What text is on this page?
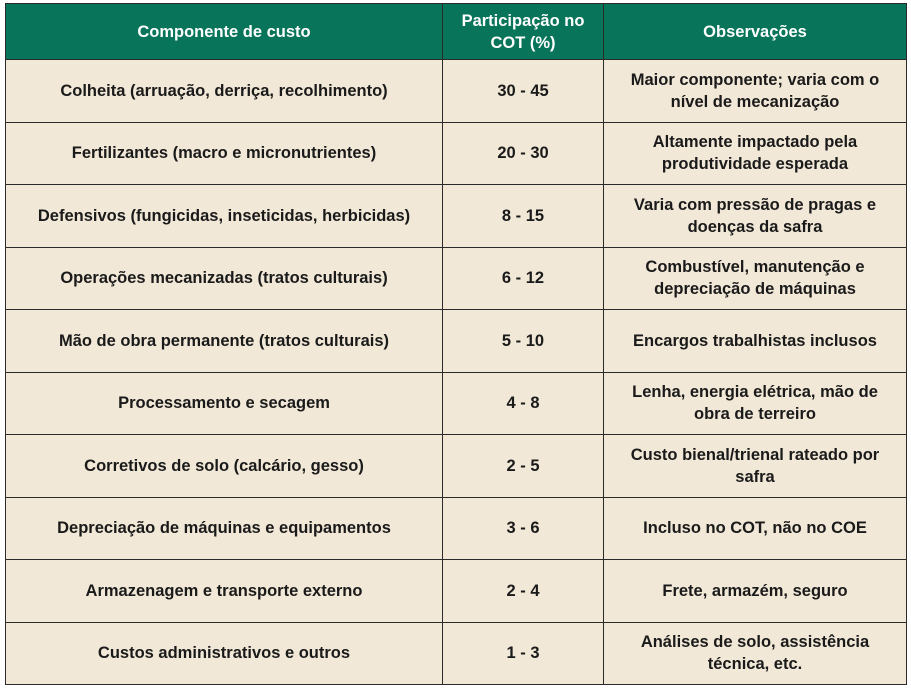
Componente de custo	Participação no COT (%)	Observações
Colheita (arruação, derriça, recolhimento)	30 - 45	Maior componente; varia com o nível de mecanização
Fertilizantes (macro e micronutrientes)	20 - 30	Altamente impactado pela produtividade esperada
Defensivos (fungicidas, inseticidas, herbicidas)	8 - 15	Varia com pressão de pragas e doenças da safra
Operações mecanizadas (tratos culturais)	6 - 12	Combustível, manutenção e depreciação de máquinas
Mão de obra permanente (tratos culturais)	5 - 10	Encargos trabalhistas inclusos
Processamento e secagem	4 - 8	Lenha, energia elétrica, mão de obra de terreiro
Corretivos de solo (calcário, gesso)	2 - 5	Custo bienal/trienal rateado por safra
Depreciação de máquinas e equipamentos	3 - 6	Incluso no COT, não no COE
Armazenagem e transporte externo	2 - 4	Frete, armazém, seguro
Custos administrativos e outros	1 - 3	Análises de solo, assistência técnica, etc.
